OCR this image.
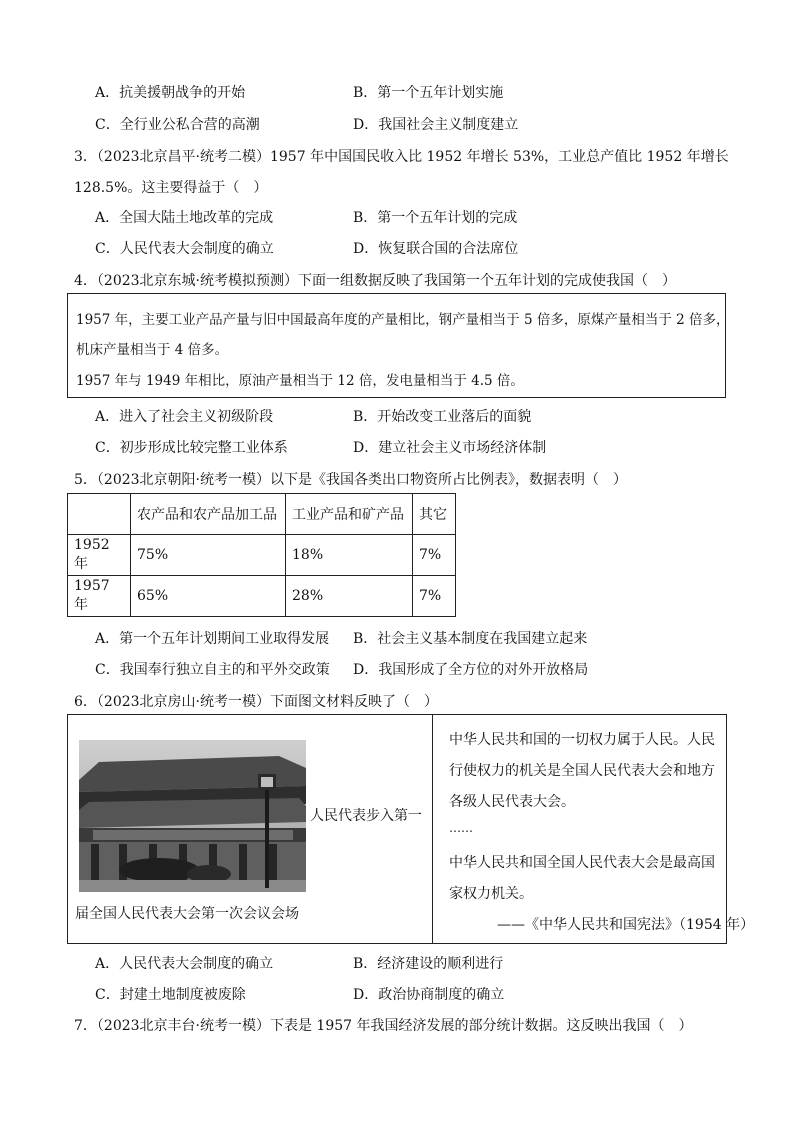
A．抗美援朝战争的开始	B．第一个五年计划实施
C．全行业公私合营的高潮	D．我国社会主义制度建立
3．（2023北京昌平·统考二模）1957 年中国国民收入比 1952 年增长 53%，工业总产值比 1952 年增长
128.5%。这主要得益于（　）
A．全国大陆土地改革的完成	B．第一个五年计划的完成
C．人民代表大会制度的确立	D．恢复联合国的合法席位
4．（2023北京东城·统考模拟预测）下面一组数据反映了我国第一个五年计划的完成使我国（　）
1957 年，主要工业产品产量与旧中国最高年度的产量相比，钢产量相当于 5 倍多，原煤产量相当于 2 倍多，
机床产量相当于 4 倍多。
1957 年与 1949 年相比，原油产量相当于 12 倍，发电量相当于 4.5 倍。
A．进入了社会主义初级阶段	B．开始改变工业落后的面貌
C．初步形成比较完整工业体系	D．建立社会主义市场经济体制
5．（2023北京朝阳·统考一模）以下是《我国各类出口物资所占比例表》，数据表明（　）
	农产品和农产品加工品	工业产品和矿产品	其它
1952 年	75%	18%	7%
1957 年	65%	28%	7%
A．第一个五年计划期间工业取得发展 B．社会主义基本制度在我国建立起来
C．我国奉行独立自主的和平外交政策 D．我国形成了全方位的对外开放格局
6．（2023北京房山·统考一模）下面图文材料反映了（　）
人民代表步入第一
届全国人民代表大会第一次会议会场
中华人民共和国的一切权力属于人民。人民
行使权力的机关是全国人民代表大会和地方
各级人民代表大会。
……
中华人民共和国全国人民代表大会是最高国
家权力机关。
——《中华人民共和国宪法》（1954 年）
A．人民代表大会制度的确立	B．经济建设的顺利进行
C．封建土地制度被废除	D．政治协商制度的确立
7．（2023北京丰台·统考一模）下表是 1957 年我国经济发展的部分统计数据。这反映出我国（　）
